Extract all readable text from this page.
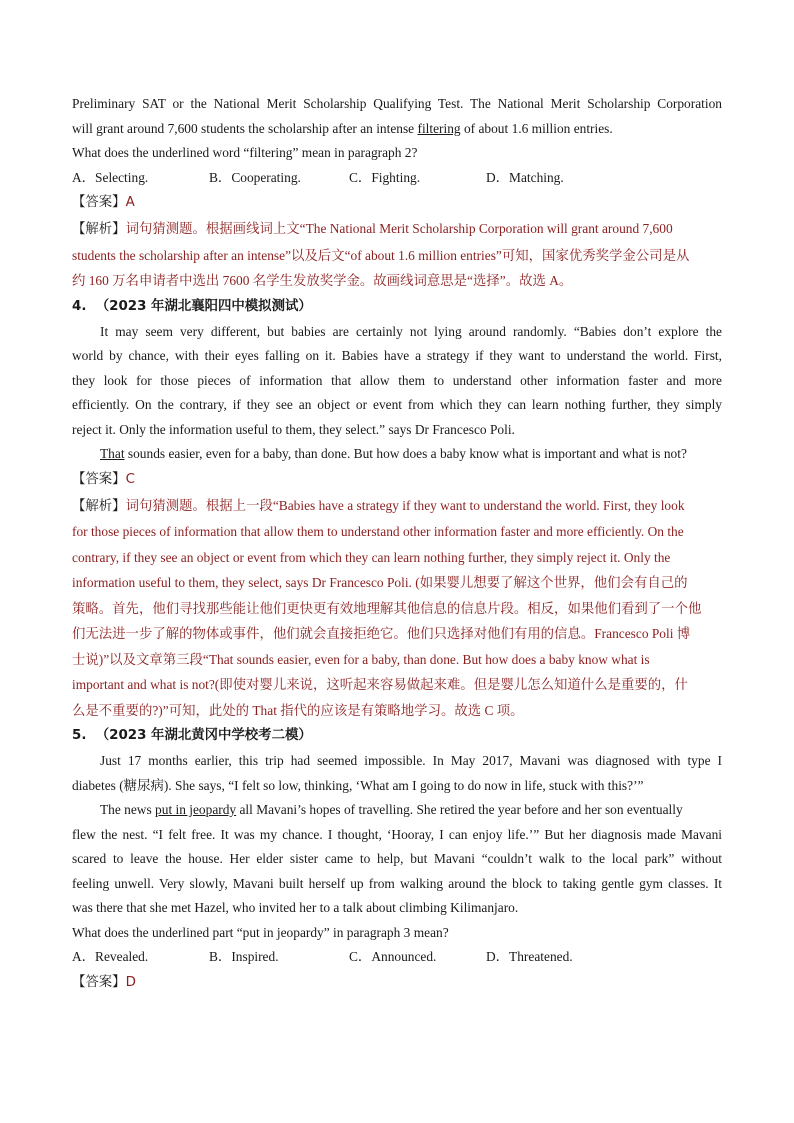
Preliminary SAT or the National Merit Scholarship Qualifying Test. The National Merit Scholarship Corporation

will grant around 7,600 students the scholarship after an intense filtering of about 1.6 million entries.

What does the underlined word “filtering” mean in paragraph 2?

A．Selecting.	B．Cooperating.	C．Fighting.	D．Matching.

【答案】A

【解析】词句猜测题。根据画线词上文“The National Merit Scholarship Corporation will grant around 7,600

students the scholarship after an intense”以及后文“of about 1.6 million entries”可知，国家优秀奖学金公司是从

约 160 万名申请者中选出 7600 名学生发放奖学金。故画线词意思是“选择”。故选 A。

4. （2023 年湖北襄阳四中模拟测试）

It may seem very different, but babies are certainly not lying around randomly. “Babies don’t explore the

world by chance, with their eyes falling on it. Babies have a strategy if they want to understand the world. First,

they look for those pieces of information that allow them to understand other information faster and more

efficiently. On the contrary, if they see an object or event from which they can learn nothing further, they simply

reject it. Only the information useful to them, they select.” says Dr Francesco Poli.

That sounds easier, even for a baby, than done. But how does a baby know what is important and what is not?

【答案】C

【解析】词句猜测题。根据上一段“Babies have a strategy if they want to understand the world. First, they look

for those pieces of information that allow them to understand other information faster and more efficiently. On the

contrary, if they see an object or event from which they can learn nothing further, they simply reject it. Only the

information useful to them, they select, says Dr Francesco Poli. (如果婴儿想要了解这个世界，他们会有自己的

策略。首先，他们寻找那些能让他们更快更有效地理解其他信息的信息片段。相反，如果他们看到了一个他

们无法进一步了解的物体或事件，他们就会直接拒绝它。他们只选择对他们有用的信息。Francesco Poli 博

士说)”以及文章第三段“That sounds easier, even for a baby, than done. But how does a baby know what is

important and what is not?(即使对婴儿来说，这听起来容易做起来难。但是婴儿怎么知道什么是重要的，什

么是不重要的?)”可知，此处的 That 指代的应该是有策略地学习。故选 C 项。

5. （2023 年湖北黄冈中学校考二模）

Just 17 months earlier, this trip had seemed impossible. In May 2017, Mavani was diagnosed with type I

diabetes (糖尿病). She says, “I felt so low, thinking, ‘What am I going to do now in life, stuck with this?’”

The news put in jeopardy all Mavani’s hopes of travelling. She retired the year before and her son eventually

flew the nest. “I felt free. It was my chance. I thought, ‘Hooray, I can enjoy life.’” But her diagnosis made Mavani

scared to leave the house. Her elder sister came to help, but Mavani “couldn’t walk to the local park” without

feeling unwell. Very slowly, Mavani built herself up from walking around the block to taking gentle gym classes. It

was there that she met Hazel, who invited her to a talk about climbing Kilimanjaro.

What does the underlined part “put in jeopardy” in paragraph 3 mean?

A．Revealed.	B．Inspired.	C．Announced.	D．Threatened.

【答案】D
